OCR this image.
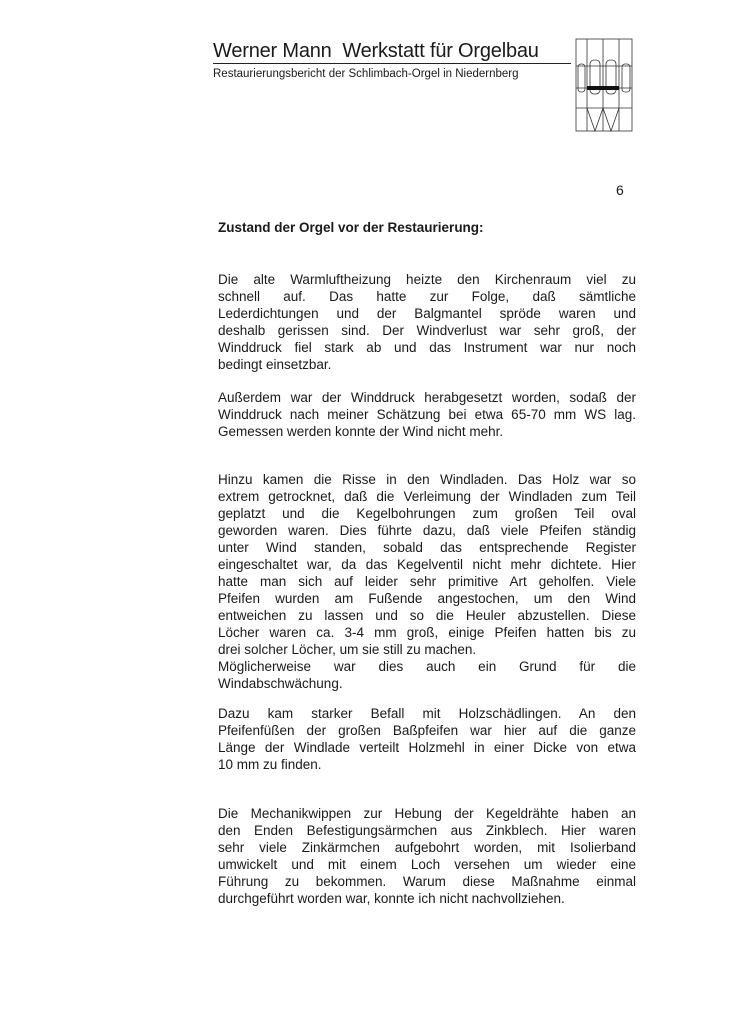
Werner Mann Werkstatt für Orgelbau
Restaurierungsbericht der Schlimbach-Orgel in Niedernberg
6
Zustand der Orgel vor der Restaurierung:
Die alte Warmluftheizung heizte den Kirchenraum viel zu
schnell auf. Das hatte zur Folge, daß sämtliche
Lederdichtungen und der Balgmantel spröde waren und
deshalb gerissen sind. Der Windverlust war sehr groß, der
Winddruck fiel stark ab und das Instrument war nur noch
bedingt einsetzbar.
Außerdem war der Winddruck herabgesetzt worden, sodaß der
Winddruck nach meiner Schätzung bei etwa 65-70 mm WS lag.
Gemessen werden konnte der Wind nicht mehr.
Hinzu kamen die Risse in den Windladen. Das Holz war so
extrem getrocknet, daß die Verleimung der Windladen zum Teil
geplatzt und die Kegelbohrungen zum großen Teil oval
geworden waren. Dies führte dazu, daß viele Pfeifen ständig
unter Wind standen, sobald das entsprechende Register
eingeschaltet war, da das Kegelventil nicht mehr dichtete. Hier
hatte man sich auf leider sehr primitive Art geholfen. Viele
Pfeifen wurden am Fußende angestochen, um den Wind
entweichen zu lassen und so die Heuler abzustellen. Diese
Löcher waren ca. 3-4 mm groß, einige Pfeifen hatten bis zu
drei solcher Löcher, um sie still zu machen.
Möglicherweise war dies auch ein Grund für die
Windabschwächung.
Dazu kam starker Befall mit Holzschädlingen. An den
Pfeifenfüßen der großen Baßpfeifen war hier auf die ganze
Länge der Windlade verteilt Holzmehl in einer Dicke von etwa
10 mm zu finden.
Die Mechanikwippen zur Hebung der Kegeldrähte haben an
den Enden Befestigungsärmchen aus Zinkblech. Hier waren
sehr viele Zinkärmchen aufgebohrt worden, mit Isolierband
umwickelt und mit einem Loch versehen um wieder eine
Führung zu bekommen. Warum diese Maßnahme einmal
durchgeführt worden war, konnte ich nicht nachvollziehen.
